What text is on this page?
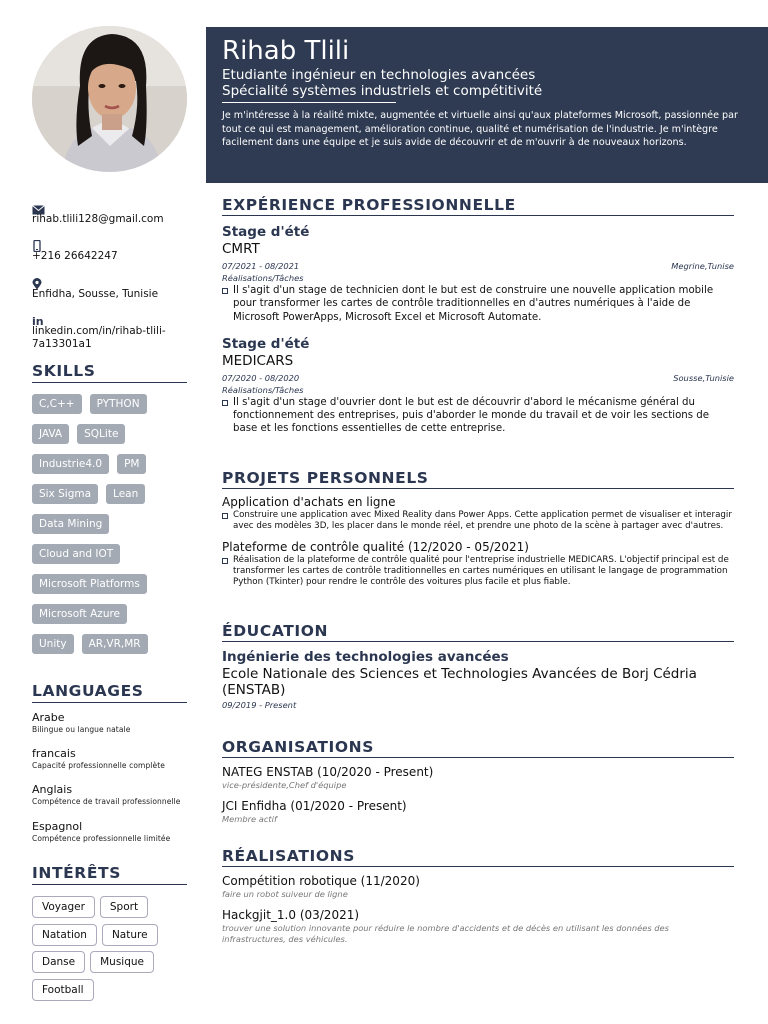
rihab.tlili128@gmail.com
+216 26642247
Enfidha, Sousse, Tunisie
in
linkedin.com/in/rihab-tlili-7a13301a1
SKILLS
C,C++ PYTHON
JAVA SQLite
Industrie4.0 PM
Six Sigma Lean
Data Mining
Cloud and IOT
Microsoft Platforms
Microsoft Azure
Unity AR,VR,MR
LANGUAGES
Arabe
Bilingue ou langue natale
francais
Capacité professionnelle complète
Anglais
Compétence de travail professionnelle
Espagnol
Compétence professionnelle limitée
INTÉRÊTS
Voyager Sport
Natation Nature
Danse Musique
Football
Rihab Tlili
Etudiante ingénieur en technologies avancées
Spécialité systèmes industriels et compétitivité
Je m'intéresse à la réalité mixte, augmentée et virtuelle ainsi qu'aux plateformes Microsoft, passionnée par tout ce qui est management, amélioration continue, qualité et numérisation de l'industrie. Je m'intègre facilement dans une équipe et je suis avide de découvrir et de m'ouvrir à de nouveaux horizons.
EXPÉRIENCE PROFESSIONNELLE
Stage d'été
CMRT
07/2021 - 08/2021	Megrine,Tunise
Réalisations/Tâches
Il s'agit d'un stage de technicien dont le but est de construire une nouvelle application mobile pour transformer les cartes de contrôle traditionnelles en d'autres numériques à l'aide de Microsoft PowerApps, Microsoft Excel et Microsoft Automate.
Stage d'été
MEDICARS
07/2020 - 08/2020	Sousse,Tunisie
Réalisations/Tâches
Il s'agit d'un stage d'ouvrier dont le but est de découvrir d'abord le mécanisme général du fonctionnement des entreprises, puis d'aborder le monde du travail et de voir les sections de base et les fonctions essentielles de cette entreprise.
PROJETS PERSONNELS
Application d'achats en ligne
Construire une application avec Mixed Reality dans Power Apps. Cette application permet de visualiser et interagir avec des modèles 3D, les placer dans le monde réel, et prendre une photo de la scène à partager avec d'autres.
Plateforme de contrôle qualité (12/2020 - 05/2021)
Réalisation de la plateforme de contrôle qualité pour l'entreprise industrielle MEDICARS. L'objectif principal est de transformer les cartes de contrôle traditionnelles en cartes numériques en utilisant le langage de programmation Python (Tkinter) pour rendre le contrôle des voitures plus facile et plus fiable.
ÉDUCATION
Ingénierie des technologies avancées
Ecole Nationale des Sciences et Technologies Avancées de Borj Cédria (ENSTAB)
09/2019 - Present
ORGANISATIONS
NATEG ENSTAB (10/2020 - Present)
vice-présidente,Chef d'équipe
JCI Enfidha (01/2020 - Present)
Membre actif
RÉALISATIONS
Compétition robotique (11/2020)
faire un robot suiveur de ligne
Hackgjit_1.0 (03/2021)
trouver une solution innovante pour réduire le nombre d'accidents et de décès en utilisant les données des infrastructures, des véhicules.
